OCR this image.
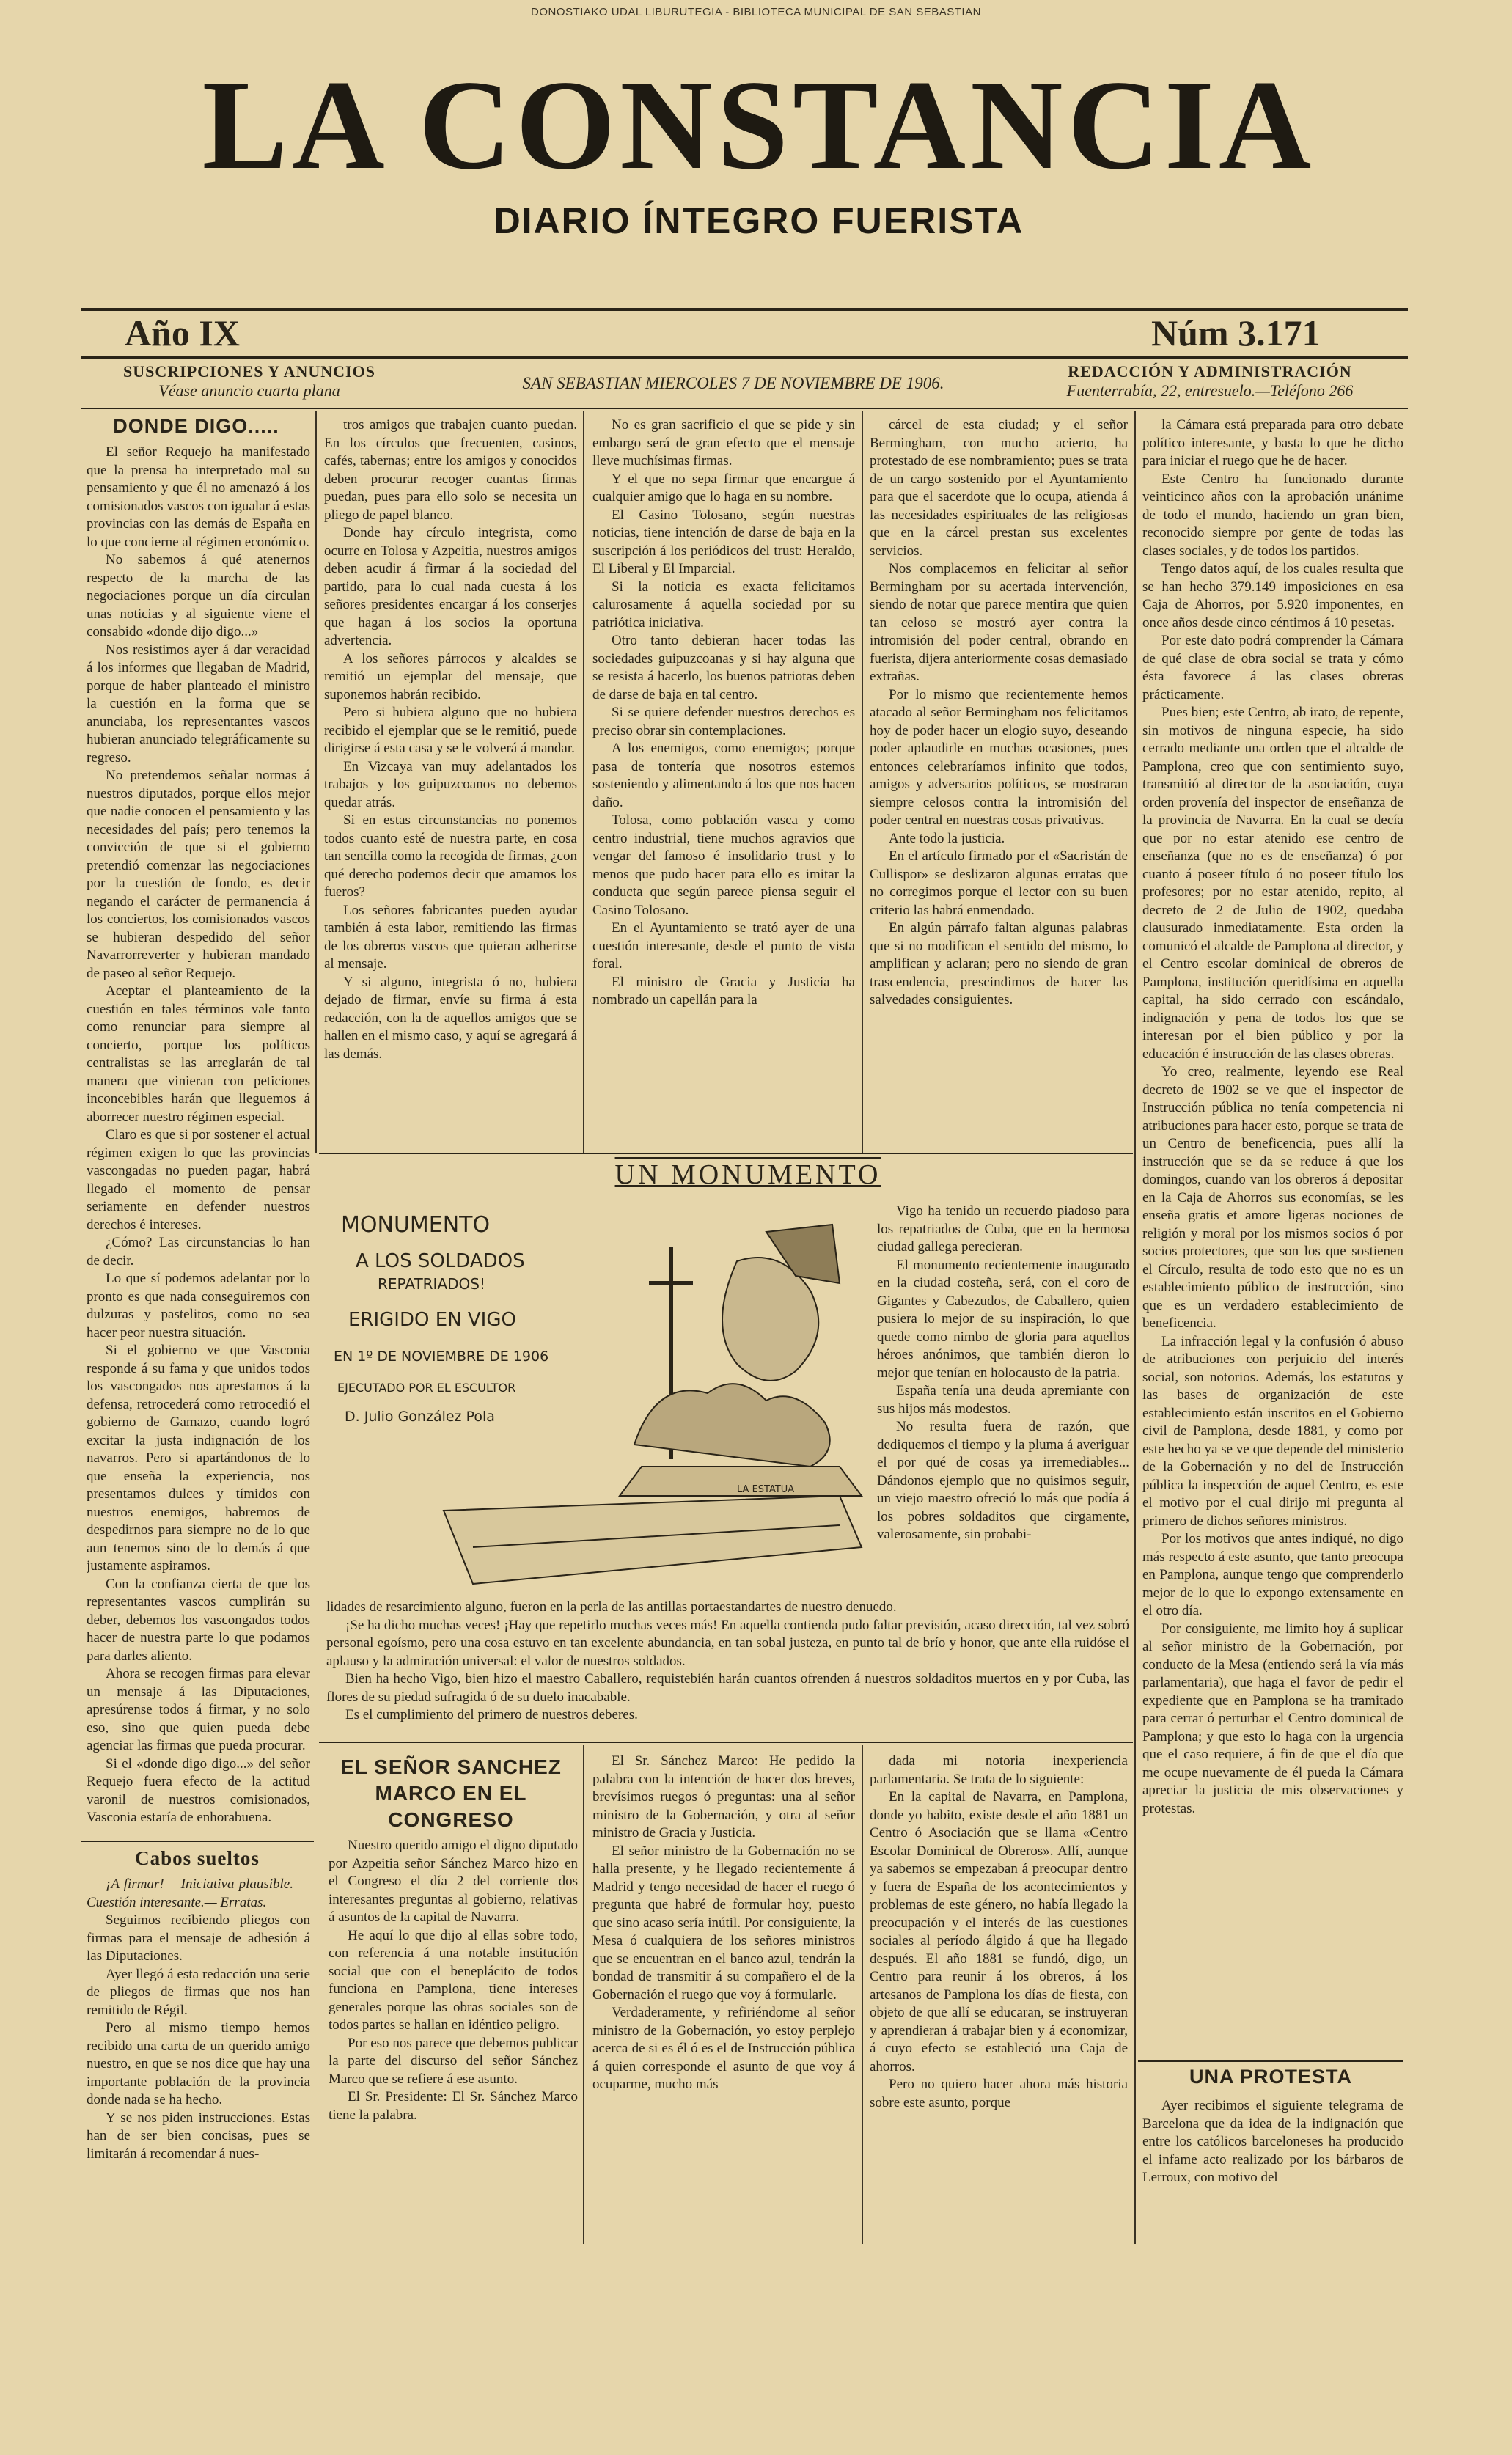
DONOSTIAKO UDAL LIBURUTEGIA - BIBLIOTECA MUNICIPAL DE SAN SEBASTIAN
LA CONSTANCIA
DIARIO ÍNTEGRO FUERISTA
Año IX	Núm 3.171
SUSCRIPCIONES Y ANUNCIOS
Véase anuncio cuarta plana	SAN SEBASTIAN MIERCOLES 7 DE NOVIEMBRE DE 1906.
REDACCIÓN Y ADMINISTRACIÓN
Fuenterrabía, 22, entresuelo.—Teléfono 266
DONDE DIGO.....

El señor Requejo ha manifestado que la prensa ha interpretado mal su pensamiento y que él no amenazó á los comisionados vascos con igualar á estas provincias con las demás de España en lo que concierne al régimen económico.

No sabemos á qué atenernos respecto de la marcha de las negociaciones porque un día circulan unas noticias y al siguiente viene el consabido «donde dijo digo...»

Nos resistimos ayer á dar veracidad á los informes que llegaban de Madrid, porque de haber planteado el ministro la cuestión en la forma que se anunciaba, los representantes vascos hubieran anunciado telegráficamente su regreso.

No pretendemos señalar normas á nuestros diputados, porque ellos mejor que nadie conocen el pensamiento y las necesidades del país; pero tenemos la convicción de que si el gobierno pretendió comenzar las negociaciones por la cuestión de fondo, es decir negando el carácter de permanencia á los conciertos, los comisionados vascos se hubieran despedido del señor Navarrorreverter y hubieran mandado de paseo al señor Requejo.

Aceptar el planteamiento de la cuestión en tales términos vale tanto como renunciar para siempre al concierto, porque los políticos centralistas se las arreglarán de tal manera que vinieran con peticiones inconcebibles harán que lleguemos á aborrecer nuestro régimen especial.

Claro es que si por sostener el actual régimen exigen lo que las provincias vascongadas no pueden pagar, habrá llegado el momento de pensar seriamente en defender nuestros derechos é intereses.

¿Cómo? Las circunstancias lo han de decir.

Lo que sí podemos adelantar por lo pronto es que nada conseguiremos con dulzuras y pastelitos, como no sea hacer peor nuestra situación.

Si el gobierno ve que Vasconia responde á su fama y que unidos todos los vascongados nos aprestamos á la defensa, retrocederá como retrocedió el gobierno de Gamazo, cuando logró excitar la justa indignación de los navarros. Pero si apartándonos de lo que enseña la experiencia, nos presentamos dulces y tímidos con nuestros enemigos, habremos de despedirnos para siempre no de lo que aun tenemos sino de lo demás á que justamente aspiramos.

Con la confianza cierta de que los representantes vascos cumplirán su deber, debemos los vascongados todos hacer de nuestra parte lo que podamos para darles aliento.

Ahora se recogen firmas para elevar un mensaje á las Diputaciones, apresúrense todos á firmar, y no solo eso, sino que quien pueda debe agenciar las firmas que pueda procurar.

Si el «donde digo digo...» del señor Requejo fuera efecto de la actitud varonil de nuestros comisionados, Vasconia estaría de enhorabuena.

Cabos sueltos

¡A firmar! —Iniciativa plausible. —Cuestión interesante.— Erratas.

Seguimos recibiendo pliegos con firmas para el mensaje de adhesión á las Diputaciones.

Ayer llegó á esta redacción una serie de pliegos de firmas que nos han remitido de Régil.

Pero al mismo tiempo hemos recibido una carta de un querido amigo nuestro, en que se nos dice que hay una importante población de la provincia donde nada se ha hecho.

Y se nos piden instrucciones. Estas han de ser bien concisas, pues se limitarán á recomendar á nues-

tros amigos que trabajen cuanto puedan. En los círculos que frecuenten, casinos, cafés, tabernas; entre los amigos y conocidos deben procurar recoger cuantas firmas puedan, pues para ello solo se necesita un pliego de papel blanco.

Donde hay círculo integrista, como ocurre en Tolosa y Azpeitia, nuestros amigos deben acudir á firmar á la sociedad del partido, para lo cual nada cuesta á los señores presidentes encargar á los conserjes que hagan á los socios la oportuna advertencia.

A los señores párrocos y alcaldes se remitió un ejemplar del mensaje, que suponemos habrán recibido.

Pero si hubiera alguno que no hubiera recibido el ejemplar que se le remitió, puede dirigirse á esta casa y se le volverá á mandar.

En Vizcaya van muy adelantados los trabajos y los guipuzcoanos no debemos quedar atrás.

Si en estas circunstancias no ponemos todos cuanto esté de nuestra parte, en cosa tan sencilla como la recogida de firmas, ¿con qué derecho podemos decir que amamos los fueros?

Los señores fabricantes pueden ayudar también á esta labor, remitiendo las firmas de los obreros vascos que quieran adherirse al mensaje.

Y si alguno, integrista ó no, hubiera dejado de firmar, envíe su firma á esta redacción, con la de aquellos amigos que se hallen en el mismo caso, y aquí se agregará á las demás.

No es gran sacrificio el que se pide y sin embargo será de gran efecto que el mensaje lleve muchísimas firmas.

Y el que no sepa firmar que encargue á cualquier amigo que lo haga en su nombre.

El Casino Tolosano, según nuestras noticias, tiene intención de darse de baja en la suscripción á los periódicos del trust: Heraldo, El Liberal y El Imparcial.

Si la noticia es exacta felicitamos calurosamente á aquella sociedad por su patriótica iniciativa.

Otro tanto debieran hacer todas las sociedades guipuzcoanas y si hay alguna que se resista á hacerlo, los buenos patriotas deben de darse de baja en tal centro.

Si se quiere defender nuestros derechos es preciso obrar sin contemplaciones.

A los enemigos, como enemigos; porque pasa de tontería que nosotros estemos sosteniendo y alimentando á los que nos hacen daño.

Tolosa, como población vasca y como centro industrial, tiene muchos agravios que vengar del famoso é insolidario trust y lo menos que pudo hacer para ello es imitar la conducta que según parece piensa seguir el Casino Tolosano.

En el Ayuntamiento se trató ayer de una cuestión interesante, desde el punto de vista foral.

El ministro de Gracia y Justicia ha nombrado un capellán para la

cárcel de esta ciudad; y el señor Bermingham, con mucho acierto, ha protestado de ese nombramiento; pues se trata de un cargo sostenido por el Ayuntamiento para que el sacerdote que lo ocupa, atienda á las necesidades espirituales de las religiosas que en la cárcel prestan sus excelentes servicios.

Nos complacemos en felicitar al señor Bermingham por su acertada intervención, siendo de notar que parece mentira que quien tan celoso se mostró ayer contra la intromisión del poder central, obrando en fuerista, dijera anteriormente cosas demasiado extrañas.

Por lo mismo que recientemente hemos atacado al señor Bermingham nos felicitamos hoy de poder hacer un elogio suyo, deseando poder aplaudirle en muchas ocasiones, pues entonces celebraríamos infinito que todos, amigos y adversarios políticos, se mostraran siempre celosos contra la intromisión del poder central en nuestras cosas privativas.

Ante todo la justicia.

En el artículo firmado por el «Sacristán de Cullispor» se deslizaron algunas erratas que no corregimos porque el lector con su buen criterio las habrá enmendado.

En algún párrafo faltan algunas palabras que si no modifican el sentido del mismo, lo amplifican y aclaran; pero no siendo de gran trascendencia, prescindimos de hacer las salvedades consiguientes.

la Cámara está preparada para otro debate político interesante, y basta lo que he dicho para iniciar el ruego que he de hacer.

Este Centro ha funcionado durante veinticinco años con la aprobación unánime de todo el mundo, haciendo un gran bien, reconocido siempre por gente de todas las clases sociales, y de todos los partidos.

Tengo datos aquí, de los cuales resulta que se han hecho 379.149 imposiciones en esa Caja de Ahorros, por 5.920 imponentes, en once años desde cinco céntimos á 10 pesetas.

Por este dato podrá comprender la Cámara de qué clase de obra social se trata y cómo ésta favorece á las clases obreras prácticamente.

Pues bien; este Centro, ab irato, de repente, sin motivos de ninguna especie, ha sido cerrado mediante una orden que el alcalde de Pamplona, creo que con sentimiento suyo, transmitió al director de la asociación, cuya orden provenía del inspector de enseñanza de la provincia de Navarra. En la cual se decía que por no estar atenido ese centro de enseñanza (que no es de enseñanza) ó por cuanto á poseer título ó no poseer título los profesores; por no estar atenido, repito, al decreto de 2 de Julio de 1902, quedaba clausurado inmediatamente. Esta orden la comunicó el alcalde de Pamplona al director, y el Centro escolar dominical de obreros de Pamplona, institución queridísima en aquella capital, ha sido cerrado con escándalo, indignación y pena de todos los que se interesan por el bien público y por la educación é instrucción de las clases obreras.

Yo creo, realmente, leyendo ese Real decreto de 1902 se ve que el inspector de Instrucción pública no tenía competencia ni atribuciones para hacer esto, porque se trata de un Centro de beneficencia, pues allí la instrucción que se da se reduce á que los domingos, cuando van los obreros á depositar en la Caja de Ahorros sus economías, se les enseña gratis et amore ligeras nociones de religión y moral por los mismos socios ó por socios protectores, que son los que sostienen el Círculo, resulta de todo esto que no es un establecimiento público de instrucción, sino que es un verdadero establecimiento de beneficencia.

La infracción legal y la confusión ó abuso de atribuciones con perjuicio del interés social, son notorios. Además, los estatutos y las bases de organización de este establecimiento están inscritos en el Gobierno civil de Pamplona, desde 1881, y como por este hecho ya se ve que depende del ministerio de la Gobernación y no del de Instrucción pública la inspección de aquel Centro, es este el motivo por el cual dirijo mi pregunta al primero de dichos señores ministros.

Por los motivos que antes indiqué, no digo más respecto á este asunto, que tanto preocupa en Pamplona, aunque tengo que comprenderlo mejor de lo que lo expongo extensamente en el otro día.

Por consiguiente, me limito hoy á suplicar al señor ministro de la Gobernación, por conducto de la Mesa (entiendo será la vía más parlamentaria), que haga el favor de pedir el expediente que en Pamplona se ha tramitado para cerrar ó perturbar el Centro dominical de Pamplona; y que esto lo haga con la urgencia que el caso requiere, á fin de que el día que me ocupe nuevamente de él pueda la Cámara apreciar la justicia de mis observaciones y protestas.

UNA PROTESTA

Ayer recibimos el siguiente telegrama de Barcelona que da idea de la indignación que entre los católicos barceloneses ha producido el infame acto realizado por los bárbaros de Lerroux, con motivo del

UN MONUMENTO
MONUMENTO
A LOS SOLDADOS
REPATRIADOS!
ERIGIDO EN VIGO
EN 1º DE NOVIEMBRE DE 1906
EJECUTADO POR EL ESCULTOR
D. Julio González Pola
LA ESTATUA

Vigo ha tenido un recuerdo piadoso para los repatriados de Cuba, que en la hermosa ciudad gallega perecieran.

El monumento recientemente inaugurado en la ciudad costeña, será, con el coro de Gigantes y Cabezudos, de Caballero, quien pusiera lo mejor de su inspiración, lo que quede como nimbo de gloria para aquellos héroes anónimos, que también dieron lo mejor que tenían en holocausto de la patria.

España tenía una deuda apremiante con sus hijos más modestos.

No resulta fuera de razón, que dediquemos el tiempo y la pluma á averiguar el por qué de cosas ya irremediables... Dándonos ejemplo que no quisimos seguir, un viejo maestro ofreció lo más que podía á los pobres soldaditos que cirgamente, valerosamente, sin probabi-

lidades de resarcimiento alguno, fueron en la perla de las antillas portaestandartes de nuestro denuedo.

¡Se ha dicho muchas veces! ¡Hay que repetirlo muchas veces más! En aquella contienda pudo faltar previsión, acaso dirección, tal vez sobró personal egoísmo, pero una cosa estuvo en tan excelente abundancia, en tan sobal justeza, en punto tal de brío y honor, que ante ella ruidóse el aplauso y la admiración universal: el valor de nuestros soldados.

Bien ha hecho Vigo, bien hizo el maestro Caballero, requistebién harán cuantos ofrenden á nuestros soldaditos muertos en y por Cuba, las flores de su piedad sufragida ó de su duelo inacabable.

Es el cumplimiento del primero de nuestros deberes.

EL SEÑOR SANCHEZ MARCO EN EL CONGRESO

Nuestro querido amigo el digno diputado por Azpeitia señor Sánchez Marco hizo en el Congreso el día 2 del corriente dos interesantes preguntas al gobierno, relativas á asuntos de la capital de Navarra.

He aquí lo que dijo al ellas sobre todo, con referencia á una notable institución social que con el beneplácito de todos funciona en Pamplona, tiene intereses generales porque las obras sociales son de todos partes se hallan en idéntico peligro.

Por eso nos parece que debemos publicar la parte del discurso del señor Sánchez Marco que se refiere á ese asunto.

El Sr. Presidente: El Sr. Sánchez Marco tiene la palabra.

El Sr. Sánchez Marco: He pedido la palabra con la intención de hacer dos breves, brevísimos ruegos ó preguntas: una al señor ministro de la Gobernación, y otra al señor ministro de Gracia y Justicia.

El señor ministro de la Gobernación no se halla presente, y he llegado recientemente á Madrid y tengo necesidad de hacer el ruego ó pregunta que habré de formular hoy, puesto que sino acaso sería inútil. Por consiguiente, la Mesa ó cualquiera de los señores ministros que se encuentran en el banco azul, tendrán la bondad de transmitir á su compañero el de la Gobernación el ruego que voy á formularle.

Verdaderamente, y refiriéndome al señor ministro de la Gobernación, yo estoy perplejo acerca de si es él ó es el de Instrucción pública á quien corresponde el asunto de que voy á ocuparme, mucho más

dada mi notoria inexperiencia parlamentaria. Se trata de lo siguiente:

En la capital de Navarra, en Pamplona, donde yo habito, existe desde el año 1881 un Centro ó Asociación que se llama «Centro Escolar Dominical de Obreros». Allí, aunque ya sabemos se empezaban á preocupar dentro y fuera de España de los acontecimientos y problemas de este género, no había llegado la preocupación y el interés de las cuestiones sociales al período álgido á que ha llegado después. El año 1881 se fundó, digo, un Centro para reunir á los obreros, á los artesanos de Pamplona los días de fiesta, con objeto de que allí se educaran, se instruyeran y aprendieran á trabajar bien y á economizar, á cuyo efecto se estableció una Caja de ahorros.

Pero no quiero hacer ahora más historia sobre este asunto, porque
